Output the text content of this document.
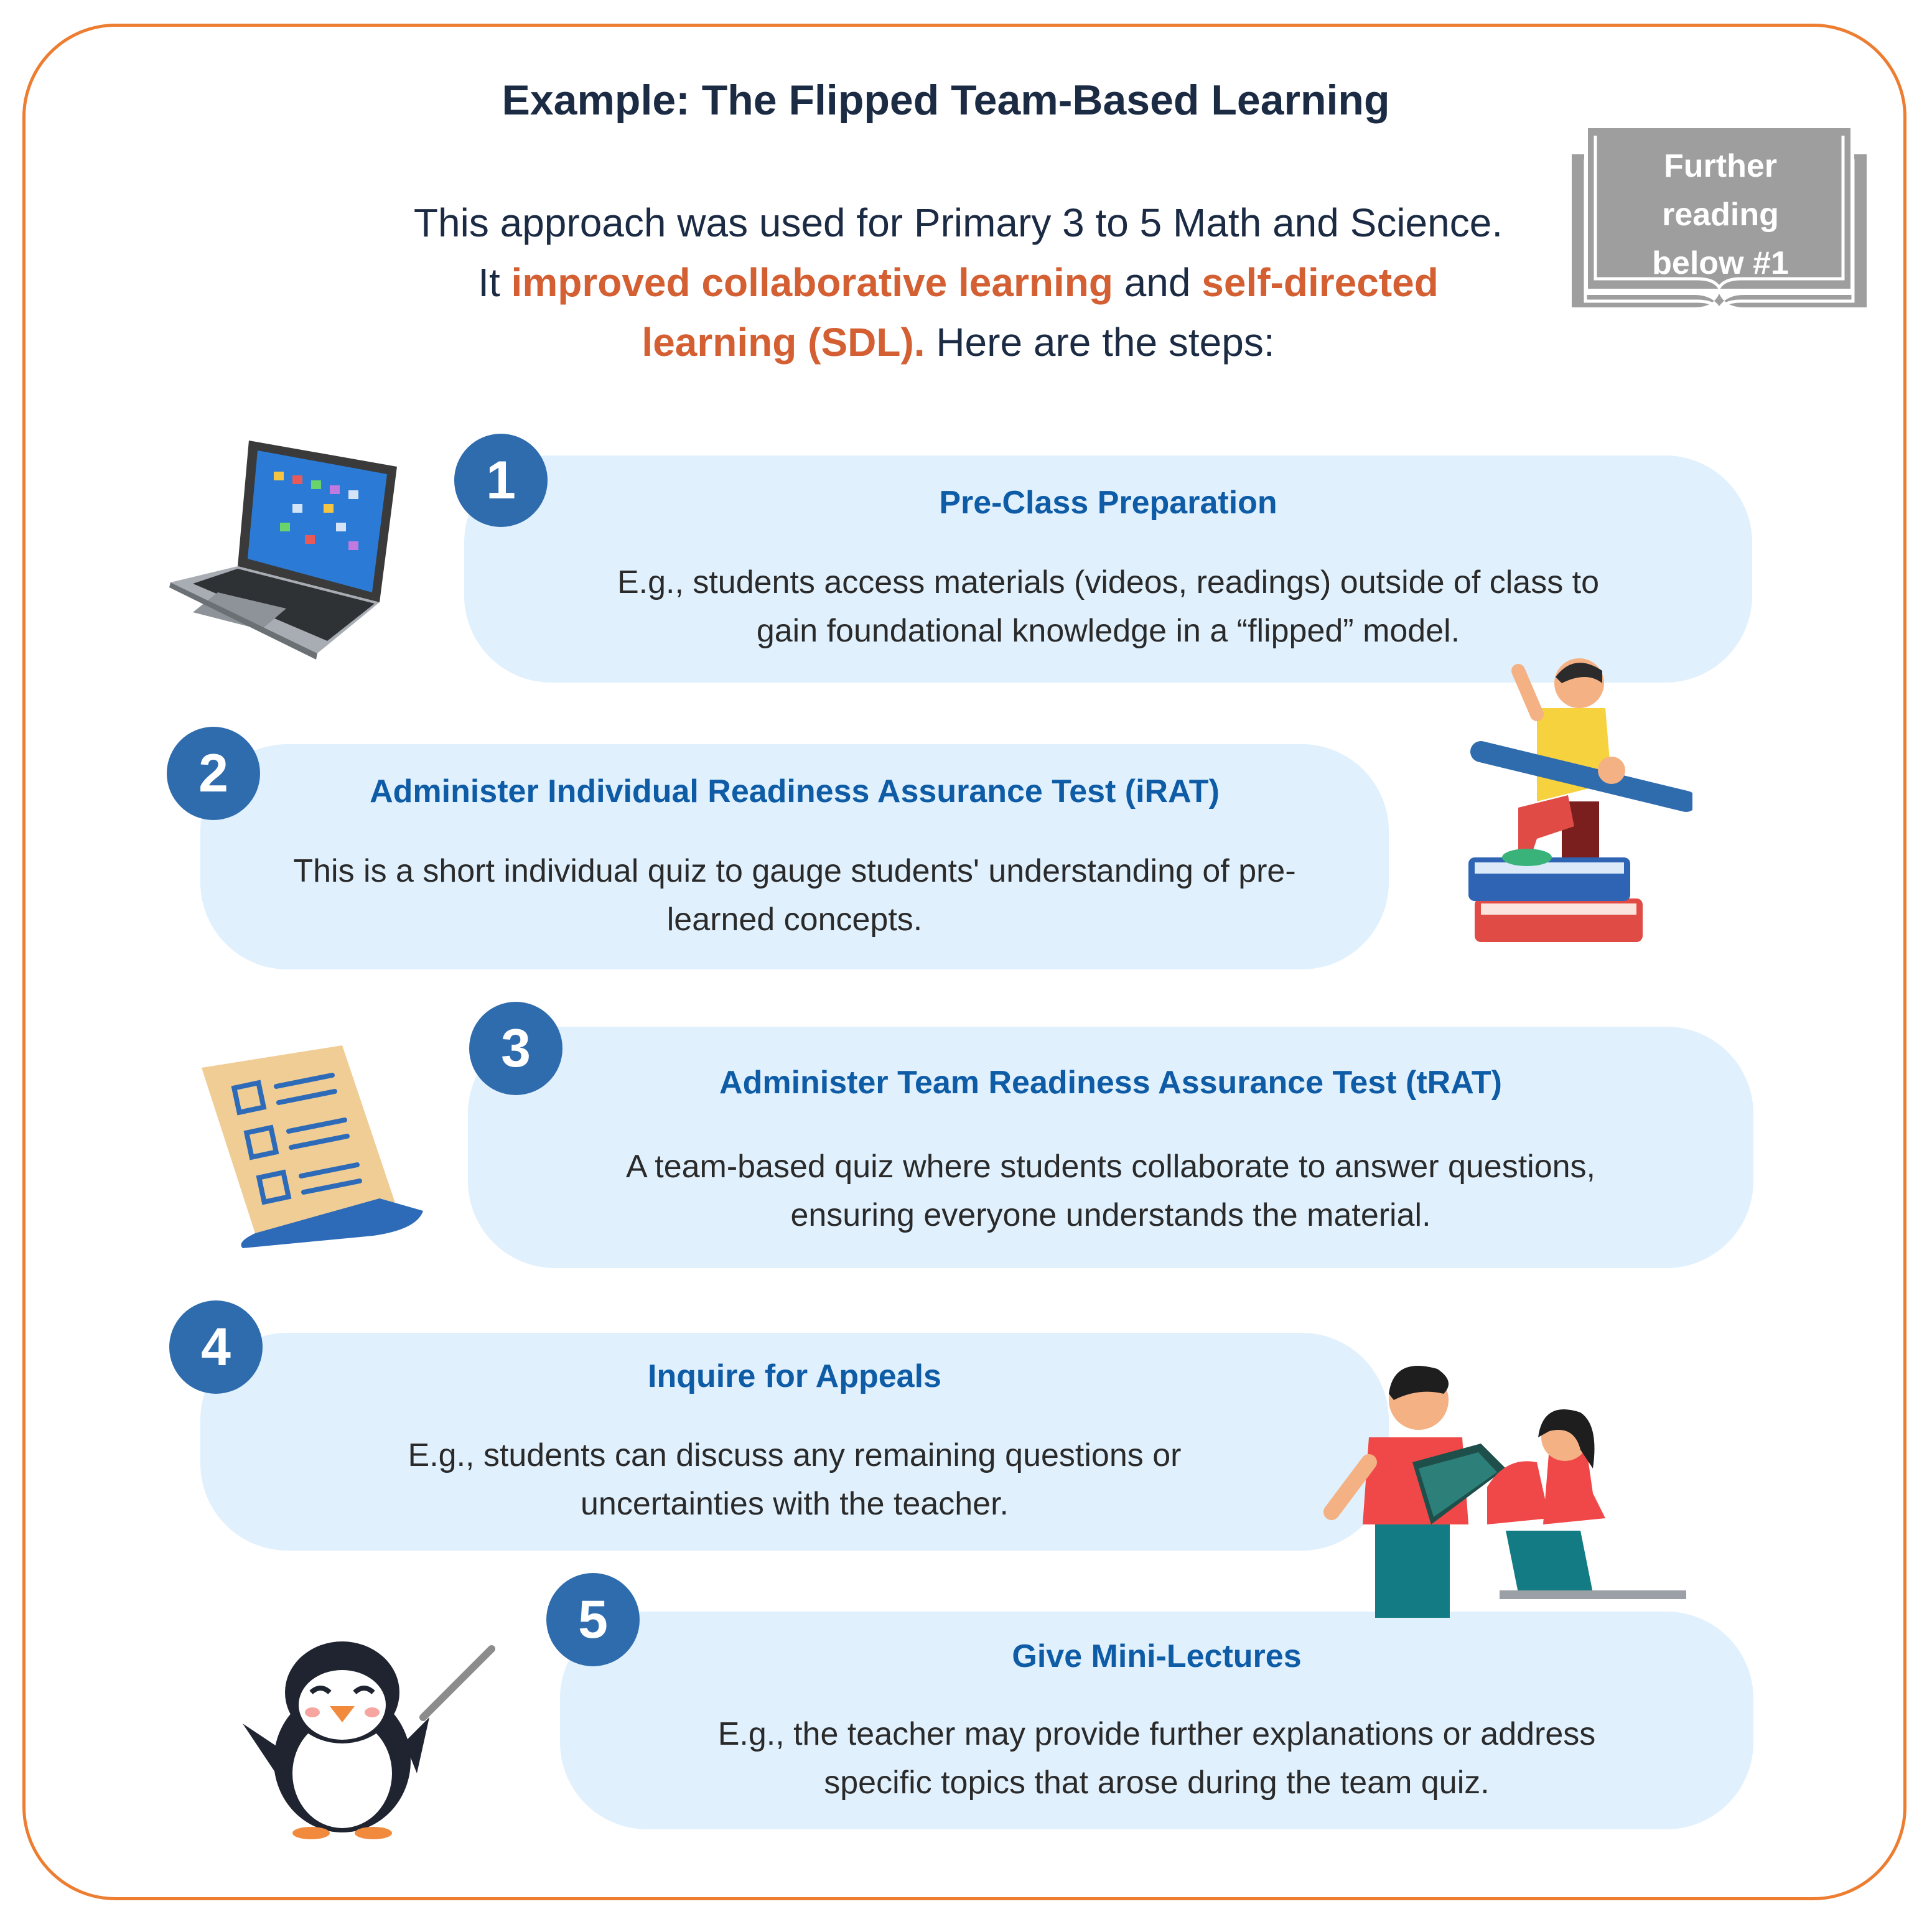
Example: The Flipped Team-Based Learning
This approach was used for Primary 3 to 5 Math and Science. It improved collaborative learning and self-directed learning (SDL). Here are the steps:
Further
reading
below #1
Pre-Class Preparation
E.g., students access materials (videos, readings) outside of class to gain foundational knowledge in a “flipped” model.
1
Administer Individual Readiness Assurance Test (iRAT)
This is a short individual quiz to gauge students' understanding of pre-learned concepts.
2
Administer Team Readiness Assurance Test (tRAT)
A team-based quiz where students collaborate to answer questions, ensuring everyone understands the material.
3
Inquire for Appeals
E.g., students can discuss any remaining questions or uncertainties with the teacher.
4
Give Mini-Lectures
E.g., the teacher may provide further explanations or address specific topics that arose during the team quiz.
5
